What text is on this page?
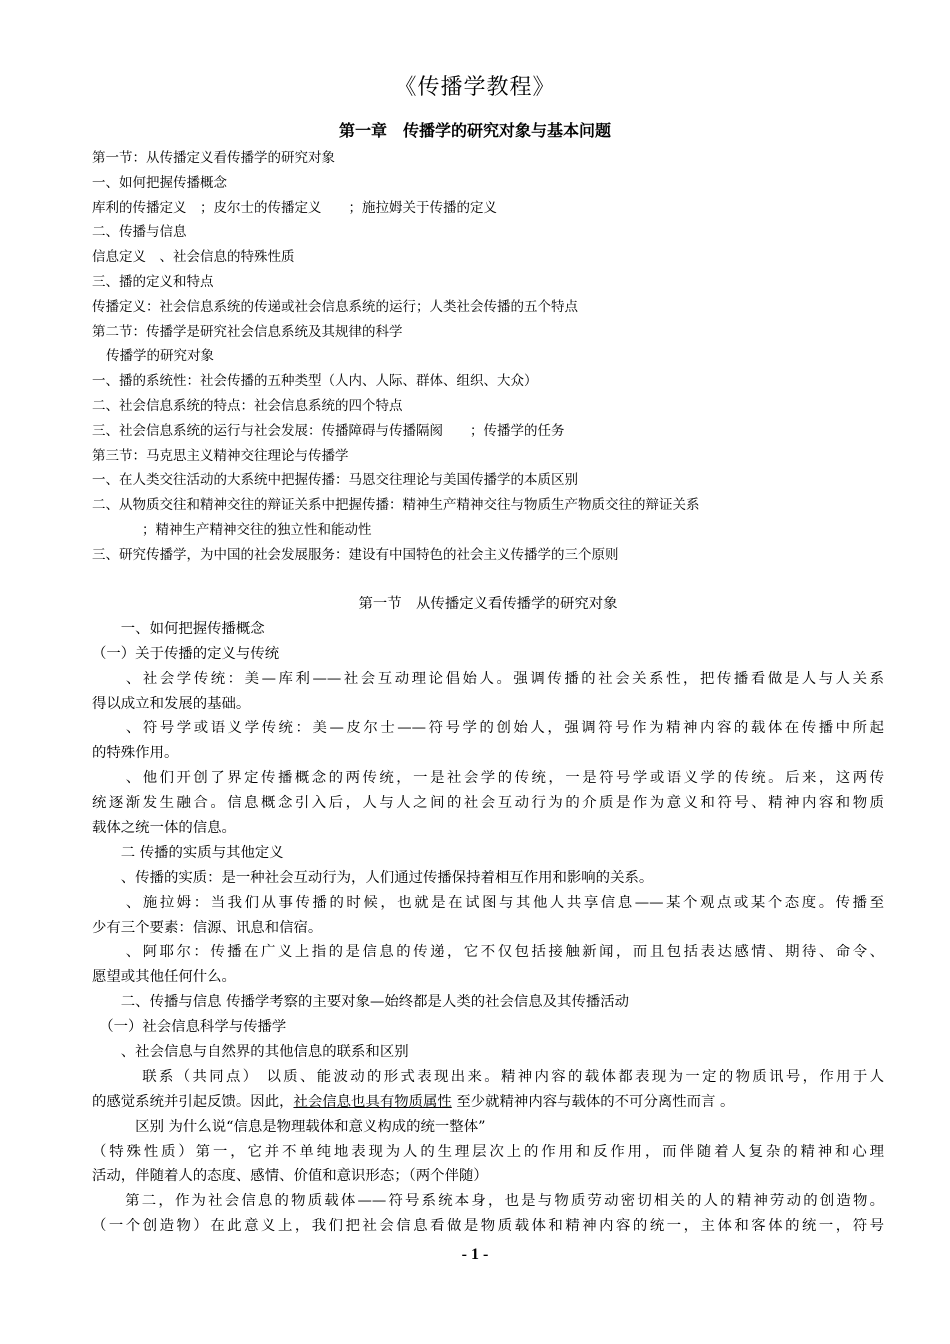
《传播学教程》
第一章　传播学的研究对象与基本问题
第一节：从传播定义看传播学的研究对象
一、如何把握传播概念
库利的传播定义　；皮尔士的传播定义　　；施拉姆关于传播的定义
二、传播与信息
信息定义　、社会信息的特殊性质
三、播的定义和特点
传播定义：社会信息系统的传递或社会信息系统的运行；人类社会传播的五个特点
第二节：传播学是研究社会信息系统及其规律的科学
传播学的研究对象
一、播的系统性：社会传播的五种类型（人内、人际、群体、组织、大众）
二、社会信息系统的特点：社会信息系统的四个特点
三、社会信息系统的运行与社会发展：传播障碍与传播隔阂　　；传播学的任务
第三节：马克思主义精神交往理论与传播学
一、在人类交往活动的大系统中把握传播：马恩交往理论与美国传播学的本质区别
二、从物质交往和精神交往的辩证关系中把握传播：精神生产精神交往与物质生产物质交往的辩证关系
；精神生产精神交往的独立性和能动性
三、研究传播学，为中国的社会发展服务：建设有中国特色的社会主义传播学的三个原则
第一节　从传播定义看传播学的研究对象
　　一、如何把握传播概念
（一）关于传播的定义与传统
　　、社会学传统：美—库利——社会互动理论倡始人。强调传播的社会关系性，把传播看做是人与人关系
得以成立和发展的基础。
　　、符号学或语义学传统：美—皮尔士——符号学的创始人，强调符号作为精神内容的载体在传播中所起
的特殊作用。
　　、他们开创了界定传播概念的两传统，一是社会学的传统，一是符号学或语义学的传统。后来，这两传
统逐渐发生融合。信息概念引入后，人与人之间的社会互动行为的介质是作为意义和符号、精神内容和物质
载体之统一体的信息。
　　二 传播的实质与其他定义
　　、传播的实质：是一种社会互动行为，人们通过传播保持着相互作用和影响的关系。
　　、施拉姆：当我们从事传播的时候，也就是在试图与其他人共享信息——某个观点或某个态度。传播至
少有三个要素：信源、讯息和信宿。
　　、阿耶尔：传播在广义上指的是信息的传递，它不仅包括接触新闻，而且包括表达感情、期待、命令、
愿望或其他任何什么。
　　二、传播与信息 传播学考察的主要对象—始终都是人类的社会信息及其传播活动
　（一）社会信息科学与传播学
　　、社会信息与自然界的其他信息的联系和区别
　　　联系（共同点） 以质、能波动的形式表现出来。精神内容的载体都表现为一定的物质讯号，作用于人
的感觉系统并引起反馈。因此，社会信息也具有物质属性 至少就精神内容与载体的不可分离性而言 。
　　　区别 为什么说“信息是物理载体和意义构成的统一整体”
（特殊性质）第一，它并不单纯地表现为人的生理层次上的作用和反作用，而伴随着人复杂的精神和心理
活动，伴随着人的态度、感情、价值和意识形态；（两个伴随）
　　第二，作为社会信息的物质载体——符号系统本身，也是与物质劳动密切相关的人的精神劳动的创造物。
（一个创造物）在此意义上，我们把社会信息看做是物质载体和精神内容的统一，主体和客体的统一，符号
- 1 -
